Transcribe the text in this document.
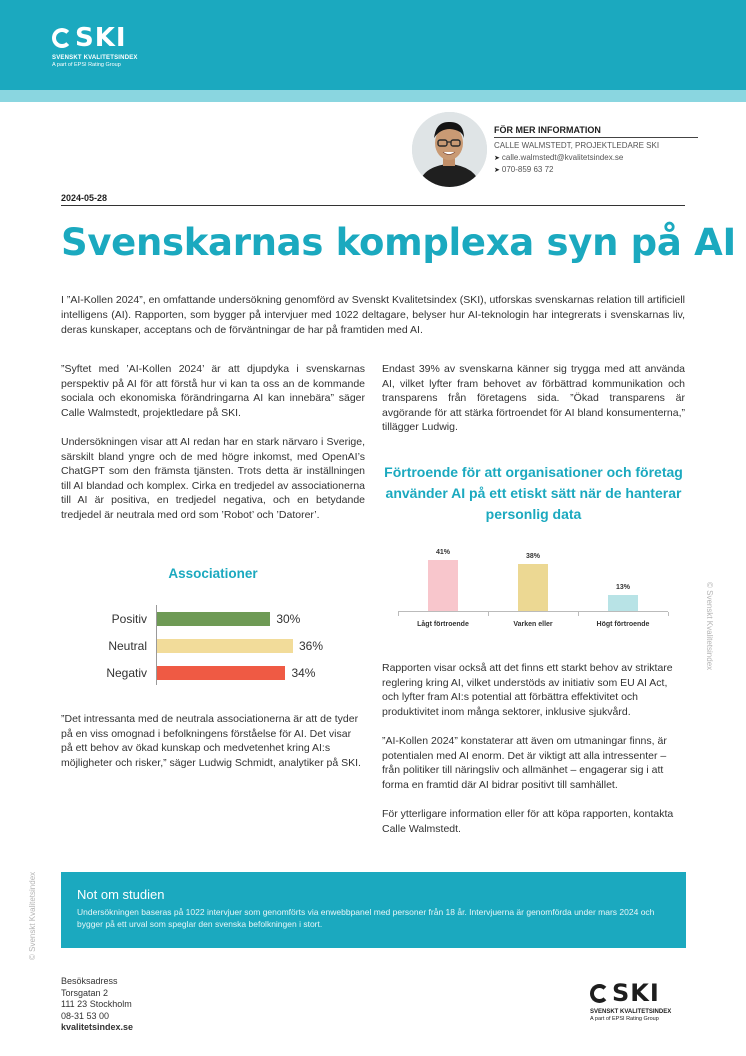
SKI
SVENSKT KVALITETSINDEX
A part of EPSI Rating Group
FÖR MER INFORMATION
CALLE WALMSTEDT, PROJEKTLEDARE SKI
➤ calle.walmstedt@kvalitetsindex.se
➤ 070-859 63 72
2024-05-28
Svenskarnas komplexa syn på AI
I ”AI-Kollen 2024”, en omfattande undersökning genomförd av Svenskt Kvalitetsindex (SKI), utforskas svenskarnas relation till artificiell intelligens (AI). Rapporten, som bygger på intervjuer med 1022 deltagare, belyser hur AI-teknologin har integrerats i svenskarnas liv, deras kunskaper, acceptans och de förväntningar de har på framtiden med AI.

”Syftet med ’AI-Kollen 2024’ är att djupdyka i svenskarnas perspektiv på AI för att förstå hur vi kan ta oss an de kommande sociala och ekonomiska förändringarna AI kan innebära” säger Calle Walmstedt, projektledare på SKI.

Undersökningen visar att AI redan har en stark närvaro i Sverige, särskilt bland yngre och de med högre inkomst, med OpenAI’s ChatGPT som den främsta tjänsten. Trots detta är inställningen till AI blandad och komplex. Cirka en tredjedel av associationerna till AI är positiva, en tredjedel negativa, och en betydande tredjedel är neutrala med ord som ’Robot’ och ’Datorer’.

Associationer
Positiv	30%
Neutral	36%
Negativ	34%

”Det intressanta med de neutrala associationerna är att de tyder på en viss omognad i befolkningens förståelse för AI. Det visar på ett behov av ökad kunskap och medvetenhet kring AI:s möjligheter och risker,” säger Ludwig Schmidt, analytiker på SKI.

Endast 39% av svenskarna känner sig trygga med att använda AI, vilket lyfter fram behovet av förbättrad kommunikation och transparens från företagens sida. ”Ökad transparens är avgörande för att stärka förtroendet för AI bland konsumenterna,” tillägger Ludwig.

Förtroende för att organisationer och företag använder AI på ett etiskt sätt när de hanterar personlig data
41%
Lågt förtroende
38%
Varken eller
13%
Högt förtroende

Rapporten visar också att det finns ett starkt behov av striktare reglering kring AI, vilket understöds av initiativ som EU AI Act, och lyfter fram AI:s potential att förbättra effektivitet och produktivitet inom många sektorer, inklusive sjukvård.

”AI-Kollen 2024” konstaterar att även om utmaningar finns, är potentialen med AI enorm. Det är viktigt att alla intressenter – från politiker till näringsliv och allmänhet – engagerar sig i att forma en framtid där AI bidrar positivt till samhället.

För ytterligare information eller för att köpa rapporten, kontakta Calle Walmstedt.

Not om studien
Undersökningen baseras på 1022 intervjuer som genomförts via enwebbpanel med personer från 18 år. Intervjuerna är genomförda under mars 2024 och bygger på ett urval som speglar den svenska befolkningen i stort.
Besöksadress
Torsgatan 2
111 23 Stockholm
08-31 53 00
kvalitetsindex.se
SKI
SVENSKT KVALITETSINDEX
A part of EPSI Rating Group
© Svenskt Kvalitetsindex
© Svenskt Kvalitetsindex
